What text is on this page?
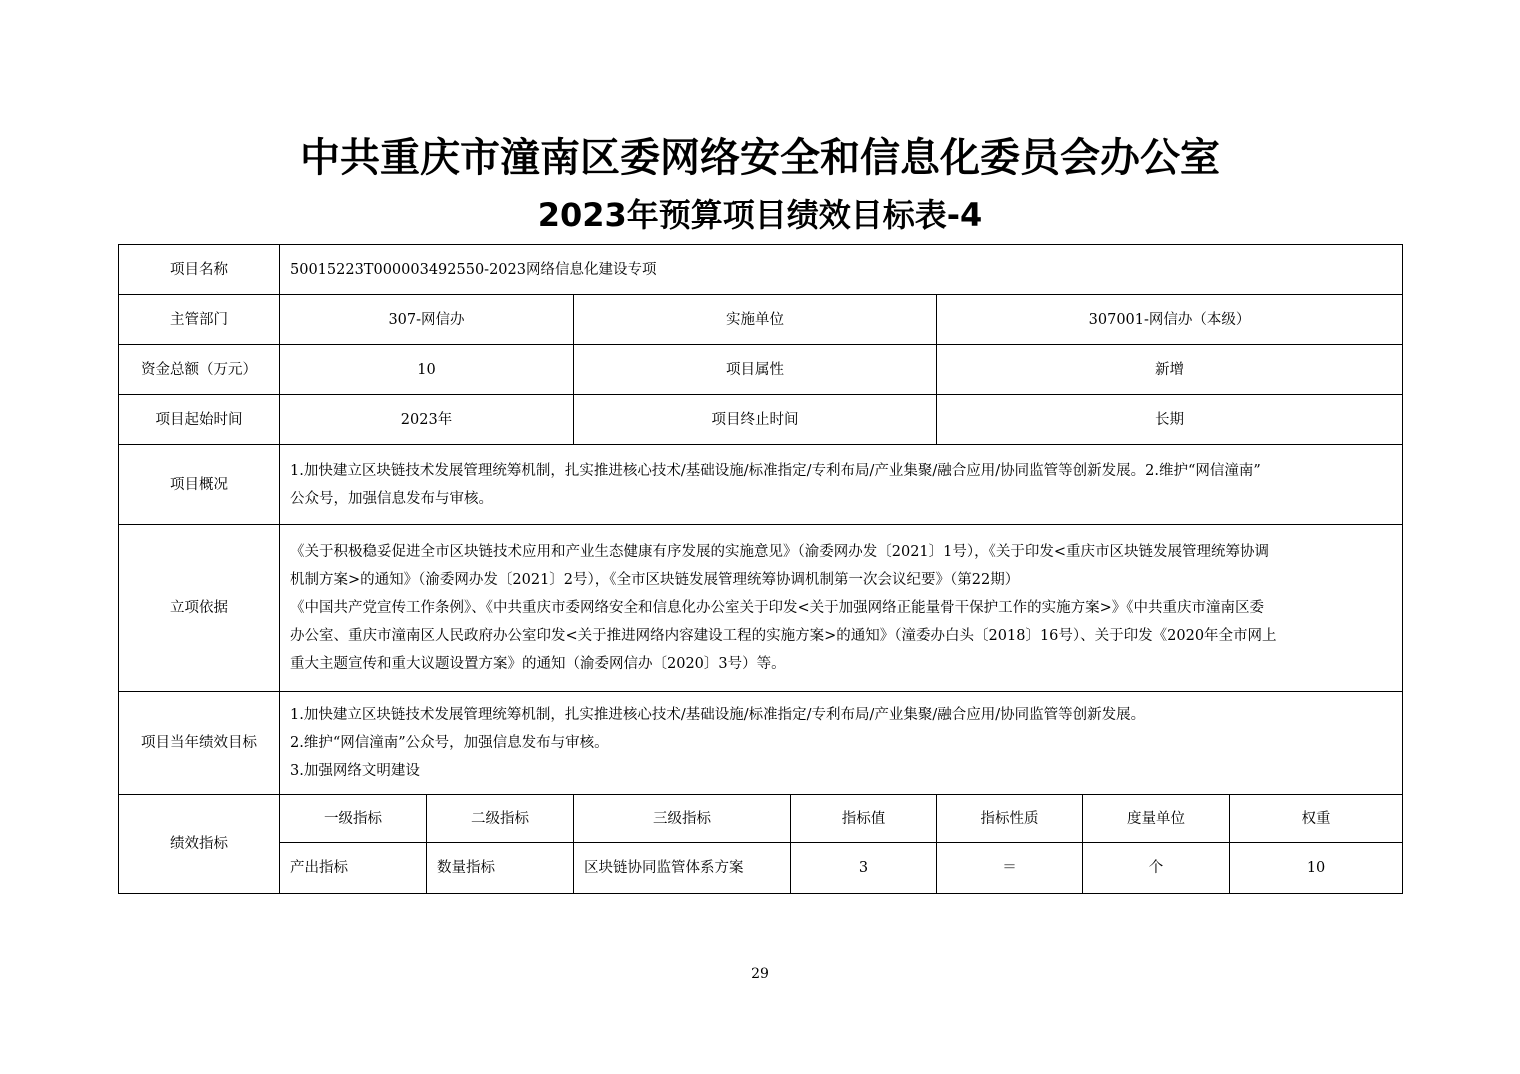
中共重庆市潼南区委网络安全和信息化委员会办公室
2023年预算项目绩效目标表-4
项目名称	50015223T000003492550-2023网络信息化建设专项						
主管部门	307-网信办		实施单位		307001-网信办（本级）		
资金总额（万元）	10		项目属性		新增		
项目起始时间	2023年		项目终止时间		长期		
项目概况	1.加快建立区块链技术发展管理统筹机制，扎实推进核心技术/基础设施/标准指定/专利布局/产业集聚/融合应用/协同监管等创新发展。2.维护“网信潼南”

公众号，加强信息发布与审核。						

立项依据	《关于积极稳妥促进全市区块链技术应用和产业生态健康有序发展的实施意见》（渝委网办发〔2021〕1号），《关于印发<重庆市区块链发展管理统筹协调

机制方案>的通知》（渝委网办发〔2021〕2号），《全市区块链发展管理统筹协调机制第一次会议纪要》（第22期）

《中国共产党宣传工作条例》、《中共重庆市委网络安全和信息化办公室关于印发<关于加强网络正能量骨干保护工作的实施方案>》《中共重庆市潼南区委

办公室、重庆市潼南区人民政府办公室印发<关于推进网络内容建设工程的实施方案>的通知》（潼委办白头〔2018〕16号）、关于印发《2020年全市网上

重大主题宣传和重大议题设置方案》的通知（渝委网信办〔2020〕3号）等。						

项目当年绩效目标	1.加快建立区块链技术发展管理统筹机制，扎实推进核心技术/基础设施/标准指定/专利布局/产业集聚/融合应用/协同监管等创新发展。

2.维护“网信潼南”公众号，加强信息发布与审核。

3.加强网络文明建设						

绩效指标	一级指标	二级指标	三级指标	指标值	指标性质	度量单位	权重
	产出指标	数量指标	区块链协同监管体系方案	3	＝	个	10
29
